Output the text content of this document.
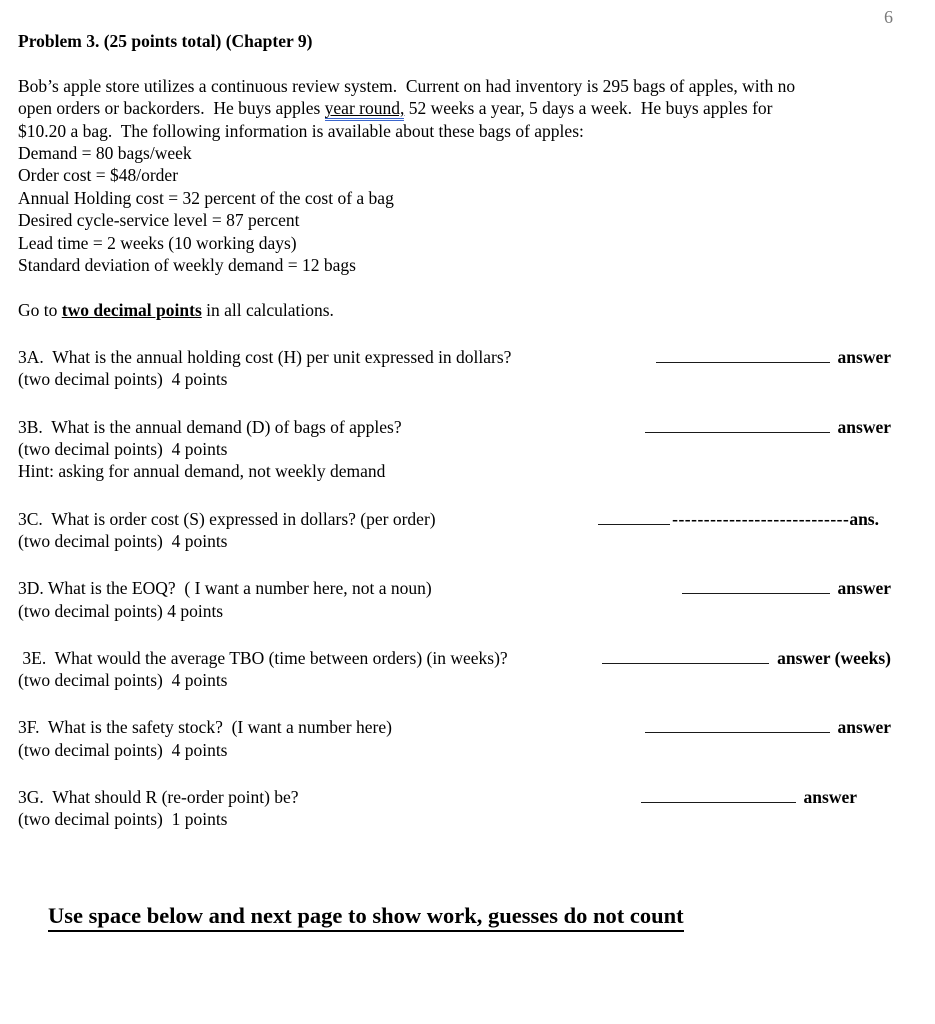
6
Problem 3. (25 points total) (Chapter 9)
Bob’s apple store utilizes a continuous review system.  Current on had inventory is 295 bags of apples, with no
open orders or backorders.  He buys apples year round, 52 weeks a year, 5 days a week.  He buys apples for
$10.20 a bag.  The following information is available about these bags of apples:
Demand = 80 bags/week
Order cost = $48/order
Annual Holding cost = 32 percent of the cost of a bag
Desired cycle-service level = 87 percent
Lead time = 2 weeks (10 working days)
Standard deviation of weekly demand = 12 bags
Go to two decimal points in all calculations.
3A.  What is the annual holding cost (H) per unit expressed in dollars?	answer
(two decimal points)  4 points
3B.  What is the annual demand (D) of bags of apples?	answer
(two decimal points)  4 points
Hint: asking for annual demand, not weekly demand
3C.  What is order cost (S) expressed in dollars? (per order)	---------------------------- ans.
(two decimal points)  4 points
3D. What is the EOQ?  ( I want a number here, not a noun)	answer
(two decimal points) 4 points
3E.  What would the average TBO (time between orders) (in weeks)?	answer (weeks)
(two decimal points)  4 points
3F.  What is the safety stock?  (I want a number here)	answer
(two decimal points)  4 points
3G.  What should R (re-order point) be?	answer
(two decimal points)  1 points
Use space below and next page to show work, guesses do not count
